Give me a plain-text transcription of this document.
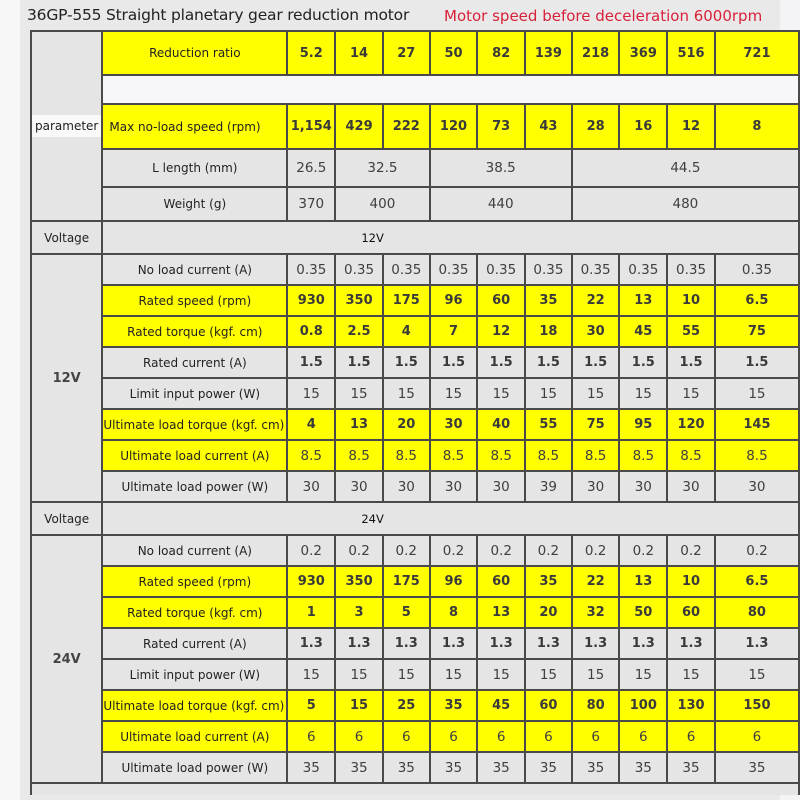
36GP-555 Straight planetary gear reduction motor Motor speed before deceleration 6000rpm
parameter	Reduction ratio	5.2	14	27	50	82	139	218	369	516	721

	Max no-load speed (rpm)	1,154	429	222	120	73	43	28	16	12	8
	L length (mm)	26.5	32.5		38.5			44.5			
	Weight (g)	370	400		440			480			
Voltage	12V										
12V	No load current (A)	0.35	0.35	0.35	0.35	0.35	0.35	0.35	0.35	0.35	0.35
	Rated speed (rpm)	930	350	175	96	60	35	22	13	10	6.5
	Rated torque (kgf. cm)	0.8	2.5	4	7	12	18	30	45	55	75
	Rated current (A)	1.5	1.5	1.5	1.5	1.5	1.5	1.5	1.5	1.5	1.5
	Limit input power (W)	15	15	15	15	15	15	15	15	15	15
	Ultimate load torque (kgf. cm)	4	13	20	30	40	55	75	95	120	145
	Ultimate load current (A)	8.5	8.5	8.5	8.5	8.5	8.5	8.5	8.5	8.5	8.5
	Ultimate load power (W)	30	30	30	30	30	39	30	30	30	30
Voltage	24V										
24V	No load current (A)	0.2	0.2	0.2	0.2	0.2	0.2	0.2	0.2	0.2	0.2
	Rated speed (rpm)	930	350	175	96	60	35	22	13	10	6.5
	Rated torque (kgf. cm)	1	3	5	8	13	20	32	50	60	80
	Rated current (A)	1.3	1.3	1.3	1.3	1.3	1.3	1.3	1.3	1.3	1.3
	Limit input power (W)	15	15	15	15	15	15	15	15	15	15
	Ultimate load torque (kgf. cm)	5	15	25	35	45	60	80	100	130	150
	Ultimate load current (A)	6	6	6	6	6	6	6	6	6	6
	Ultimate load power (W)	35	35	35	35	35	35	35	35	35	35
